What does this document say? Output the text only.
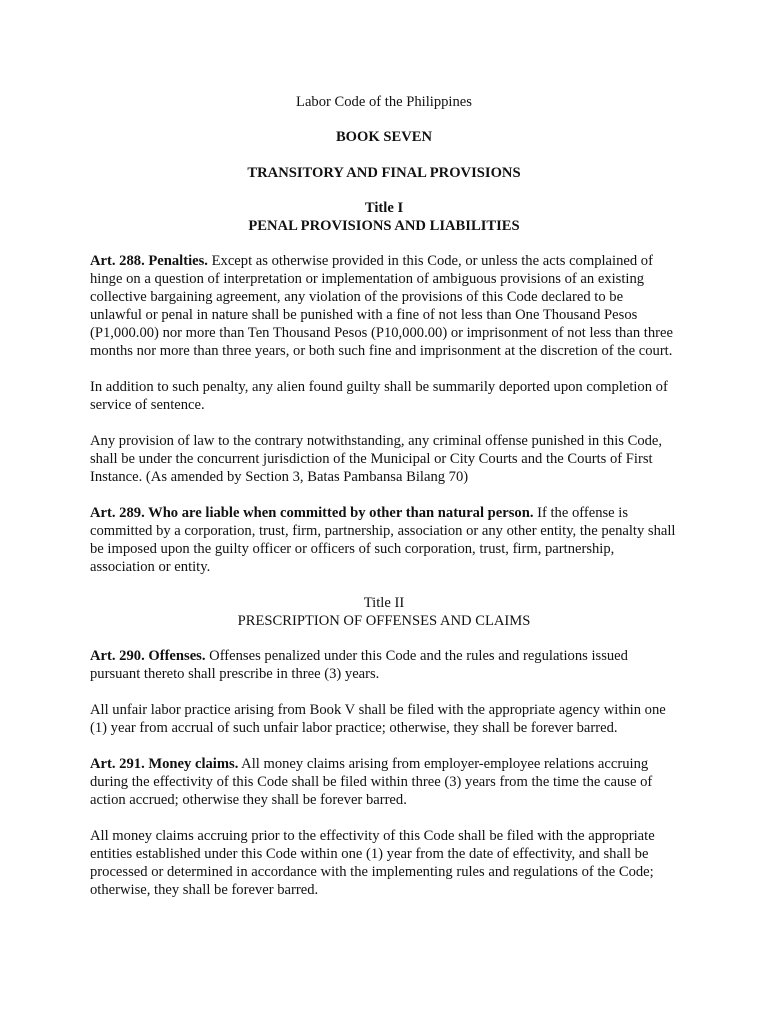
Labor Code of the Philippines

BOOK SEVEN

TRANSITORY AND FINAL PROVISIONS

Title I
PENAL PROVISIONS AND LIABILITIES

Art. 288. Penalties. Except as otherwise provided in this Code, or unless the acts complained of hinge on a question of interpretation or implementation of ambiguous provisions of an existing collective bargaining agreement, any violation of the provisions of this Code declared to be unlawful or penal in nature shall be punished with a fine of not less than One Thousand Pesos (P1,000.00) nor more than Ten Thousand Pesos (P10,000.00) or imprisonment of not less than three months nor more than three years, or both such fine and imprisonment at the discretion of the court.

In addition to such penalty, any alien found guilty shall be summarily deported upon completion of service of sentence.

Any provision of law to the contrary notwithstanding, any criminal offense punished in this Code, shall be under the concurrent jurisdiction of the Municipal or City Courts and the Courts of First Instance. (As amended by Section 3, Batas Pambansa Bilang 70)

Art. 289. Who are liable when committed by other than natural person. If the offense is committed by a corporation, trust, firm, partnership, association or any other entity, the penalty shall be imposed upon the guilty officer or officers of such corporation, trust, firm, partnership, association or entity.

Title II
PRESCRIPTION OF OFFENSES AND CLAIMS

Art. 290. Offenses. Offenses penalized under this Code and the rules and regulations issued pursuant thereto shall prescribe in three (3) years.

All unfair labor practice arising from Book V shall be filed with the appropriate agency within one (1) year from accrual of such unfair labor practice; otherwise, they shall be forever barred.

Art. 291. Money claims. All money claims arising from employer-employee relations accruing during the effectivity of this Code shall be filed within three (3) years from the time the cause of action accrued; otherwise they shall be forever barred.

All money claims accruing prior to the effectivity of this Code shall be filed with the appropriate entities established under this Code within one (1) year from the date of effectivity, and shall be processed or determined in accordance with the implementing rules and regulations of the Code; otherwise, they shall be forever barred.
